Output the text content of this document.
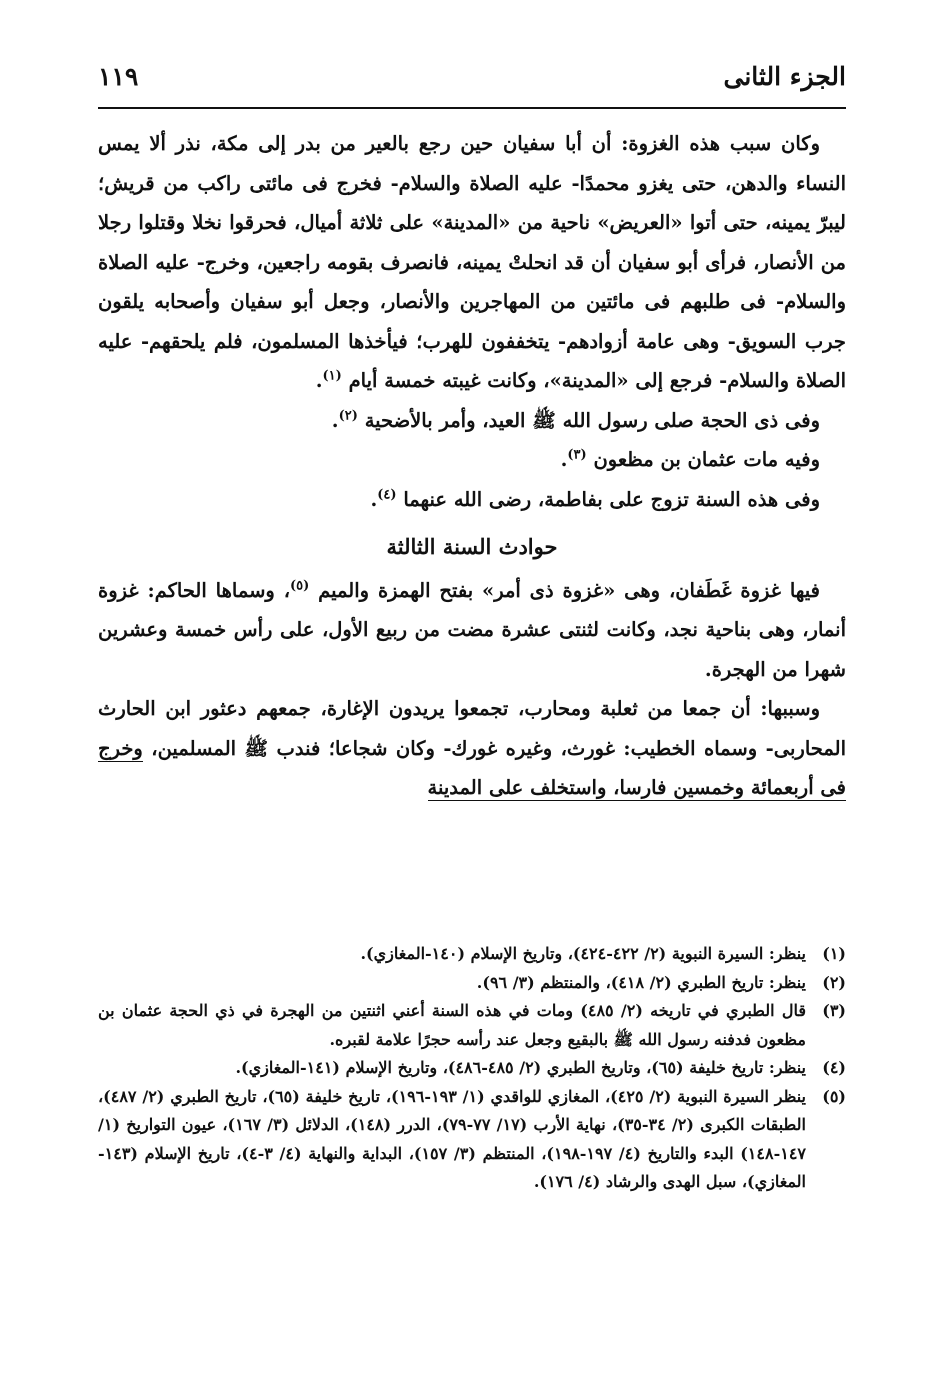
الجزء الثانى
١١٩

وكان سبب هذه الغزوة: أن أبا سفيان حين رجع بالعير من بدر إلى مكة، نذر ألا يمس النساء والدهن، حتى يغزو محمدًا- عليه الصلاة والسلام- فخرج فى مائتى راكب من قريش؛ ليبرّ يمينه، حتى أتوا «العريض» ناحية من «المدينة» على ثلاثة أميال، فحرقوا نخلا وقتلوا رجلا من الأنصار، فرأى أبو سفيان أن قد انحلتْ يمينه، فانصرف بقومه راجعين، وخرج- عليه الصلاة والسلام- فى طلبهم فى مائتين من المهاجرين والأنصار، وجعل أبو سفيان وأصحابه يلقون جرب السويق- وهى عامة أزوادهم- يتخففون للهرب؛ فيأخذها المسلمون، فلم يلحقهم- عليه الصلاة والسلام- فرجع إلى «المدينة»، وكانت غيبته خمسة أيام $^{(١)}$.

وفى ذى الحجة صلى رسول الله ﷺ العيد، وأمر بالأضحية $^{(٢)}$.

وفيه مات عثمان بن مظعون $^{(٣)}$.

وفى هذه السنة تزوج على بفاطمة، رضى الله عنهما $^{(٤)}$.

حوادث السنة الثالثة

فيها غزوة غَطَفان، وهى «غزوة ذى أمر» بفتح الهمزة والميم $^{(٥)}$، وسماها الحاكم: غزوة أنمار، وهى بناحية نجد، وكانت لثنتى عشرة مضت من ربيع الأول، على رأس خمسة وعشرين شهرا من الهجرة.

وسببها: أن جمعا من ثعلبة ومحارب، تجمعوا يريدون الإغارة، جمعهم دعثور ابن الحارث المحاربى- وسماه الخطيب: غورث، وغيره غورك- وكان شجاعا؛ فندب ﷺ المسلمين، وخرج فى أربعمائة وخمسين فارسا، واستخلف على المدينة

(١)
ينظر: السيرة النبوية (٢/ ٤٢٢-٤٢٤)، وتاريخ الإسلام (١٤٠-المغازي).
(٢)
ينظر: تاريخ الطبري (٢/ ٤١٨)، والمنتظم (٣/ ٩٦).
(٣)
قال الطبري في تاريخه (٢/ ٤٨٥) ومات في هذه السنة أعني اثنتين من الهجرة في ذي الحجة عثمان بن مظعون فدفنه رسول الله ﷺ بالبقيع وجعل عند رأسه حجرًا علامة لقبره.
(٤)
ينظر: تاريخ خليفة (٦٥)، وتاريخ الطبري (٢/ ٤٨٥-٤٨٦)، وتاريخ الإسلام (١٤١-المغازي).
(٥)
ينظر السيرة النبوية (٢/ ٤٢٥)، المغازي للواقدي (١/ ١٩٣-١٩٦)، تاريخ خليفة (٦٥)، تاريخ الطبري (٢/ ٤٨٧)، الطبقات الكبرى (٢/ ٣٤-٣٥)، نهاية الأرب (١٧/ ٧٧-٧٩)، الدرر (١٤٨)، الدلائل (٣/ ١٦٧)، عيون التواريخ (١/ ١٤٧-١٤٨) البدء والتاريخ (٤/ ١٩٧-١٩٨)، المنتظم (٣/ ١٥٧)، البداية والنهاية (٤/ ٣-٤)، تاريخ الإسلام (١٤٣-المغازي)، سبل الهدى والرشاد (٤/ ١٧٦).
